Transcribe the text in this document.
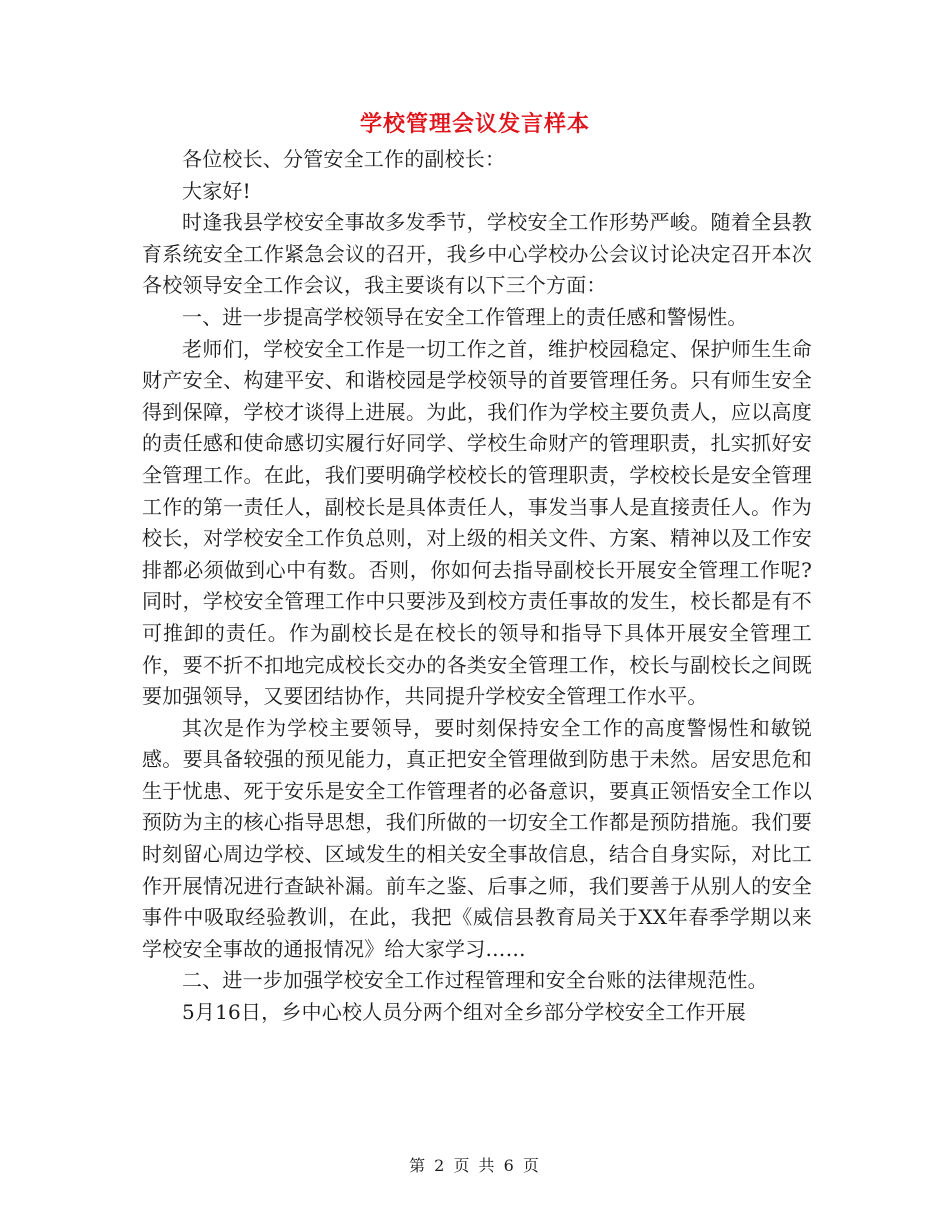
学校管理会议发言样本

各位校长、分管安全工作的副校长：

大家好!

时逢我县学校安全事故多发季节，学校安全工作形势严峻。随着全县教育系统安全工作紧急会议的召开，我乡中心学校办公会议讨论决定召开本次各校领导安全工作会议，我主要谈有以下三个方面：

一、进一步提高学校领导在安全工作管理上的责任感和警惕性。

老师们，学校安全工作是一切工作之首，维护校园稳定、保护师生生命财产安全、构建平安、和谐校园是学校领导的首要管理任务。只有师生安全得到保障，学校才谈得上进展。为此，我们作为学校主要负责人，应以高度的责任感和使命感切实履行好同学、学校生命财产的管理职责，扎实抓好安全管理工作。在此，我们要明确学校校长的管理职责，学校校长是安全管理工作的第一责任人，副校长是具体责任人，事发当事人是直接责任人。作为校长，对学校安全工作负总则，对上级的相关文件、方案、精神以及工作安排都必须做到心中有数。否则，你如何去指导副校长开展安全管理工作呢?同时，学校安全管理工作中只要涉及到校方责任事故的发生，校长都是有不可推卸的责任。作为副校长是在校长的领导和指导下具体开展安全管理工作，要不折不扣地完成校长交办的各类安全管理工作，校长与副校长之间既要加强领导，又要团结协作，共同提升学校安全管理工作水平。

其次是作为学校主要领导，要时刻保持安全工作的高度警惕性和敏锐感。要具备较强的预见能力，真正把安全管理做到防患于未然。居安思危和生于忧患、死于安乐是安全工作管理者的必备意识，要真正领悟安全工作以预防为主的核心指导思想，我们所做的一切安全工作都是预防措施。我们要时刻留心周边学校、区域发生的相关安全事故信息，结合自身实际，对比工作开展情况进行查缺补漏。前车之鉴、后事之师，我们要善于从别人的安全事件中吸取经验教训，在此，我把《威信县教育局关于XX年春季学期以来学校安全事故的通报情况》给大家学习……

二、进一步加强学校安全工作过程管理和安全台账的法律规范性。

5月16日，乡中心校人员分两个组对全乡部分学校安全工作开展

第 2 页 共 6 页
